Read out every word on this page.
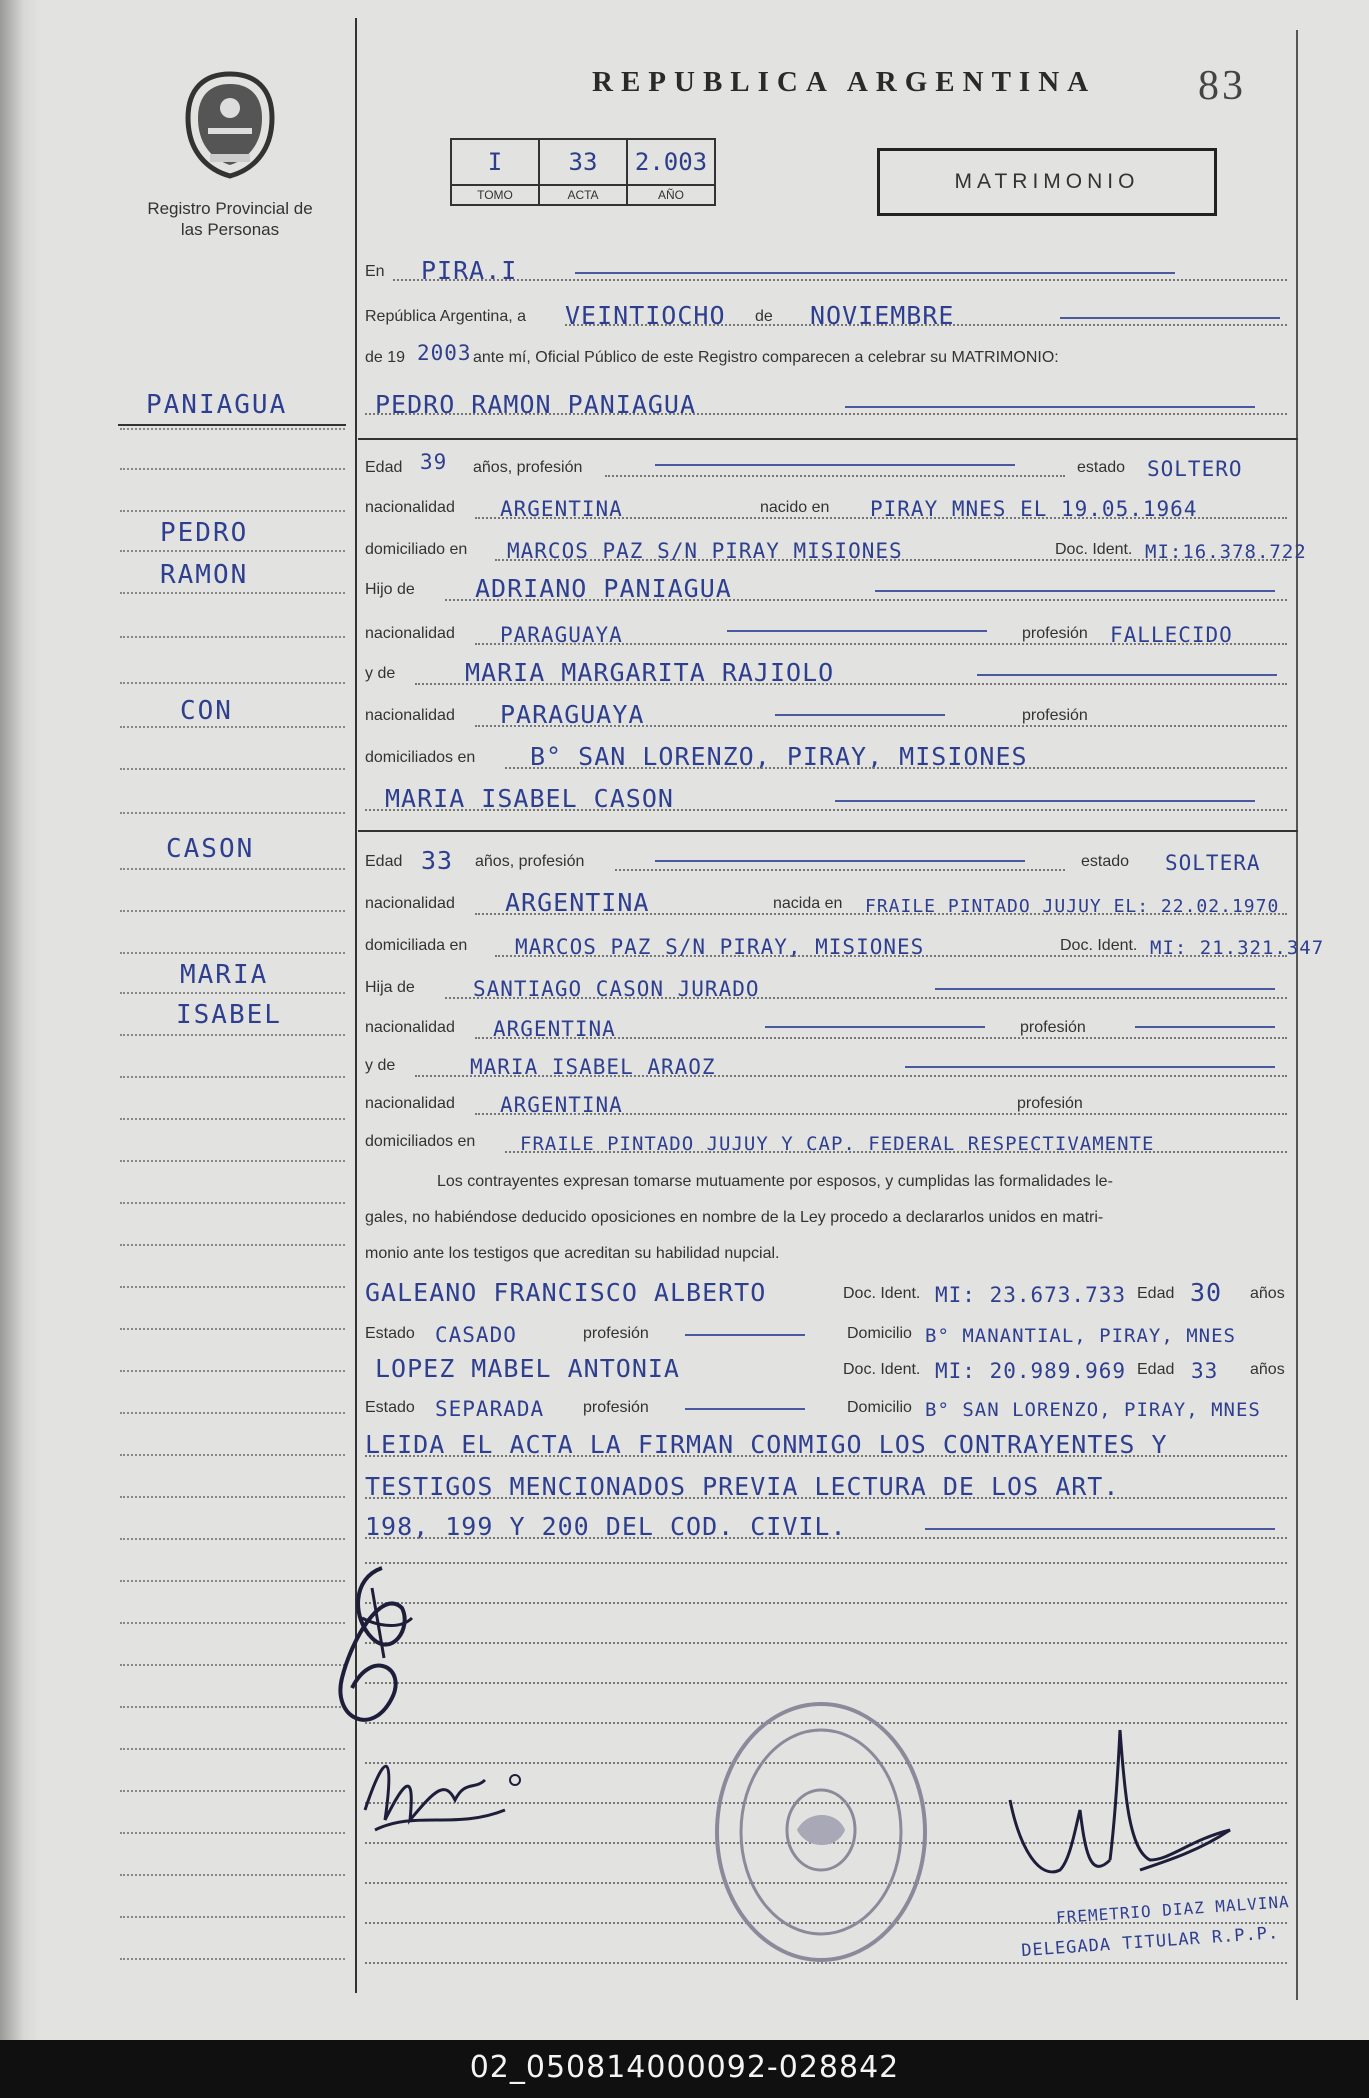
Registro Provincial de las Personas
REPUBLICA ARGENTINA 83
I	33	2.003
TOMO	ACTA	AÑO
MATRIMONIO
PANIAGUA
PEDRO
RAMON
CON
CASON
MARIA
ISABEL
En PIRA.I
República Argentina, a VEINTIOCHO de NOVIEMBRE
de 19 2003 ante mí, Oficial Público de este Registro comparecen a celebrar su MATRIMONIO:
PEDRO RAMON PANIAGUA
Edad 39 años, profesión	estado SOLTERO
nacionalidad ARGENTINA	nacido en PIRAY MNES EL 19.05.1964
domiciliado en MARCOS PAZ S/N PIRAY MISIONES	Doc. Ident. MI:16.378.722
Hijo de ADRIANO PANIAGUA
nacionalidad PARAGUAYA	profesión FALLECIDO
y de	MARIA MARGARITA RAJIOLO
nacionalidad PARAGUAYA	profesión
domiciliados en B° SAN LORENZO, PIRAY, MISIONES
MARIA ISABEL CASON
Edad 33 años, profesión	estado SOLTERA
nacionalidad ARGENTINA	nacida en FRAILE PINTADO JUJUY EL: 22.02.1970
domiciliada en MARCOS PAZ S/N PIRAY, MISIONES	Doc. Ident. MI: 21.321.347
Hija de	SANTIAGO CASON JURADO
nacionalidad ARGENTINA	profesión
y de	MARIA ISABEL ARAOZ
nacionalidad ARGENTINA	profesión
domiciliados en FRAILE PINTADO JUJUY Y CAP. FEDERAL RESPECTIVAMENTE
Los contrayentes expresan tomarse mutuamente por esposos, y cumplidas las formalidades le-
gales, no habiéndose deducido oposiciones en nombre de la Ley procedo a declararlos unidos en matri-
monio ante los testigos que acreditan su habilidad nupcial.
GALEANO FRANCISCO ALBERTO	Doc. Ident. MI: 23.673.733 Edad 30 años
Estado CASADO	profesión	Domicilio B° MANANTIAL, PIRAY, MNES
LOPEZ MABEL ANTONIA	Doc. Ident. MI: 20.989.969 Edad 33 años
Estado SEPARADA profesión	Domicilio B° SAN LORENZO, PIRAY, MNES
LEIDA EL ACTA LA FIRMAN CONMIGO LOS CONTRAYENTES Y
TESTIGOS MENCIONADOS PREVIA LECTURA DE LOS ART.
198, 199 Y 200 DEL COD. CIVIL.
FREMETRIO DIAZ MALVINA
DELEGADA TITULAR R.P.P.
02_050814000092-028842
